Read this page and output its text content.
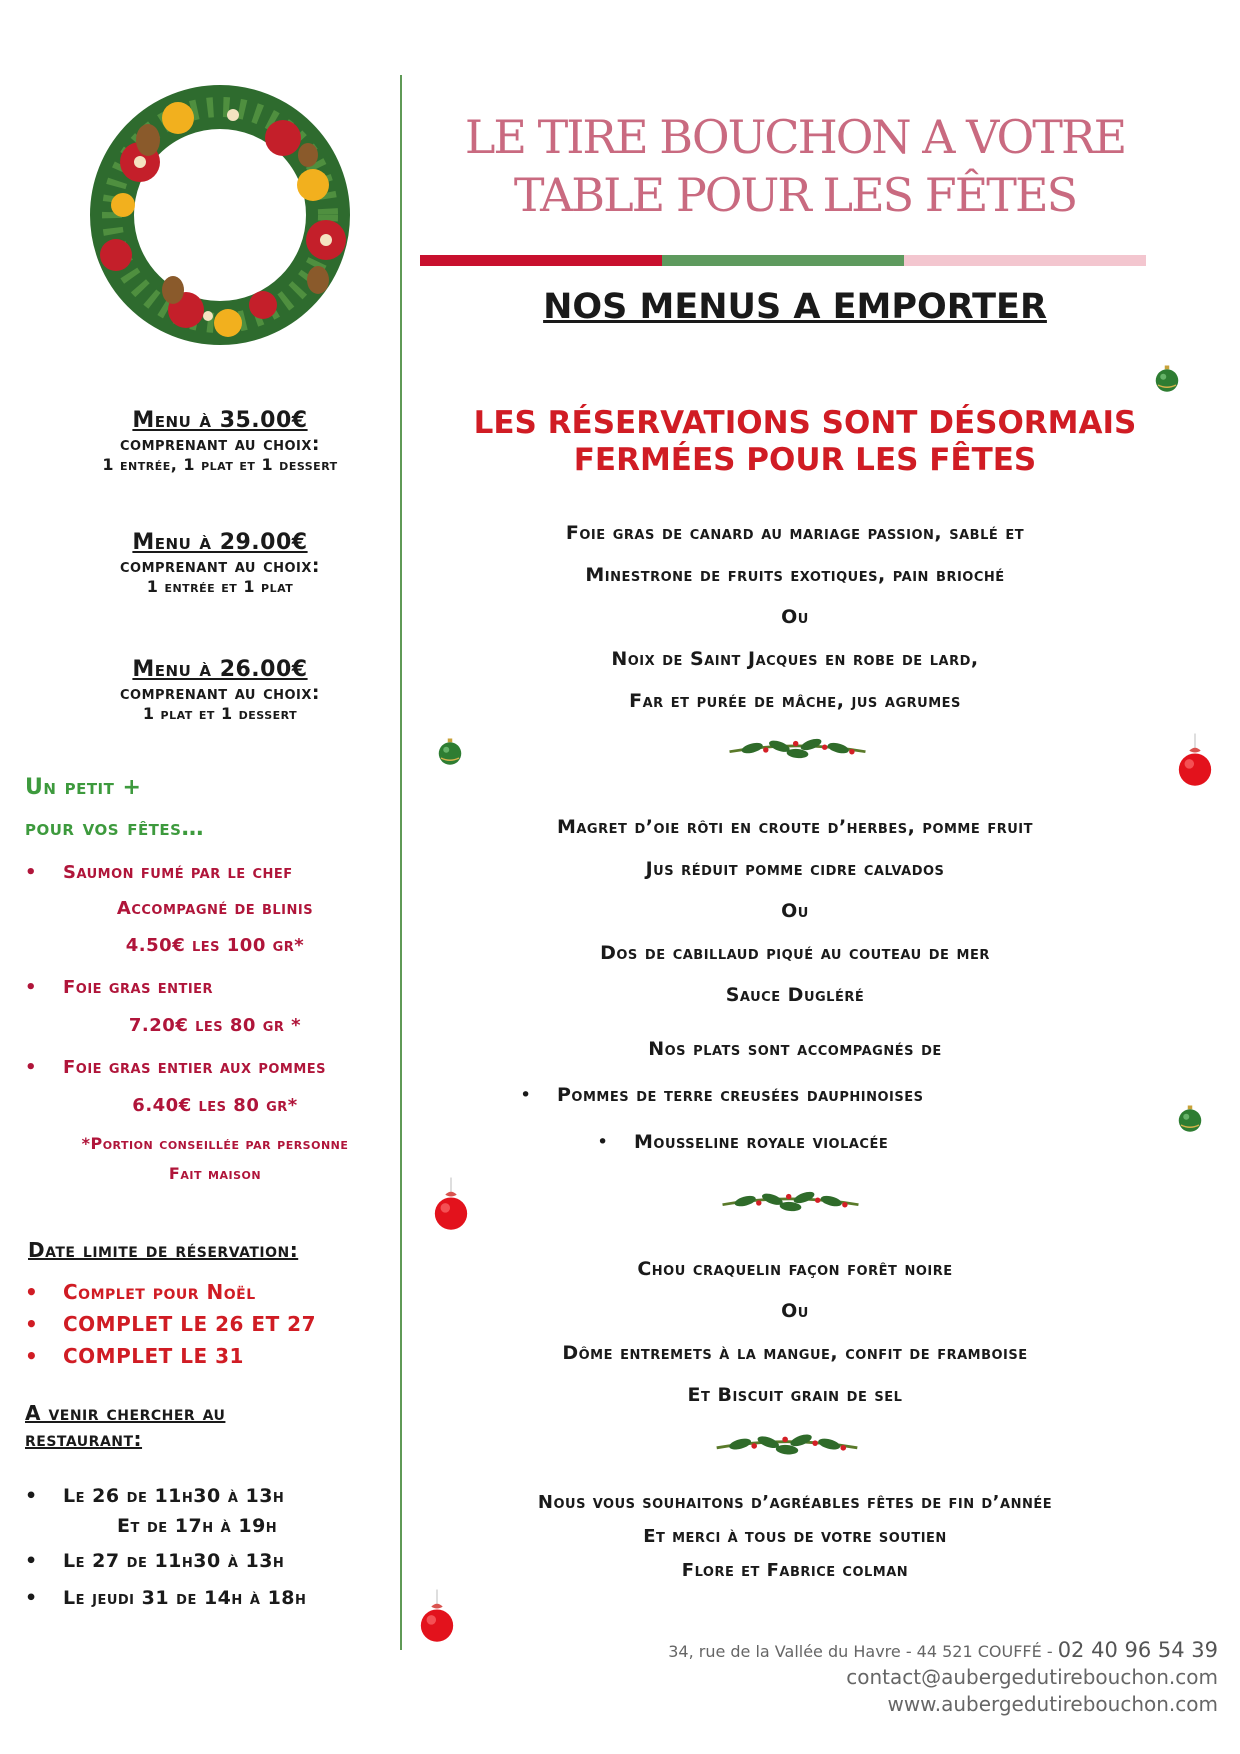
Menu à 35.00€
comprenant au choix:
1 entrée, 1 plat et 1 dessert
Menu à 29.00€
comprenant au choix:
1 entrée et 1 plat
Menu à 26.00€
comprenant au choix:
1 plat et 1 dessert
Un petit +
pour vos fêtes…
• Saumon fumé par le chef
Accompagné de blinis
4.50€ les 100 gr*
• Foie gras entier
7.20€ les 80 gr *
• Foie gras entier aux pommes
6.40€ les 80 gr*
*Portion conseillée par personne
Fait maison
Date limite de réservation:
• Complet pour Noël
• COMPLET LE 26 ET 27
• COMPLET LE 31
A venir chercher au
restaurant:
• Le 26 de 11h30 à 13h
Et de 17h à 19h
• Le 27 de 11h30 à 13h
• Le jeudi 31 de 14h à 18h
LE TIRE BOUCHON A VOTRE
TABLE POUR LES FÊTES
NOS MENUS A EMPORTER
LES RÉSERVATIONS SONT DÉSORMAIS
FERMÉES POUR LES FÊTES
Foie gras de canard au mariage passion, sablé et
Minestrone de fruits exotiques, pain brioché
Ou
Noix de Saint Jacques en robe de lard,
Far et purée de mâche, jus agrumes
Magret d’oie rôti en croute d’herbes, pomme fruit
Jus réduit pomme cidre calvados
Ou
Dos de cabillaud piqué au couteau de mer
Sauce Dugléré
Nos plats sont accompagnés de
• Pommes de terre creusées dauphinoises
• Mousseline royale violacée
Chou craquelin façon forêt noire
Ou
Dôme entremets à la mangue, confit de framboise
Et Biscuit grain de sel
Nous vous souhaitons d’agréables fêtes de fin d’année
Et merci à tous de votre soutien
Flore et Fabrice colman
34, rue de la Vallée du Havre - 44 521 COUFFÉ - 02 40 96 54 39
contact@aubergedutirebouchon.com
www.aubergedutirebouchon.com
